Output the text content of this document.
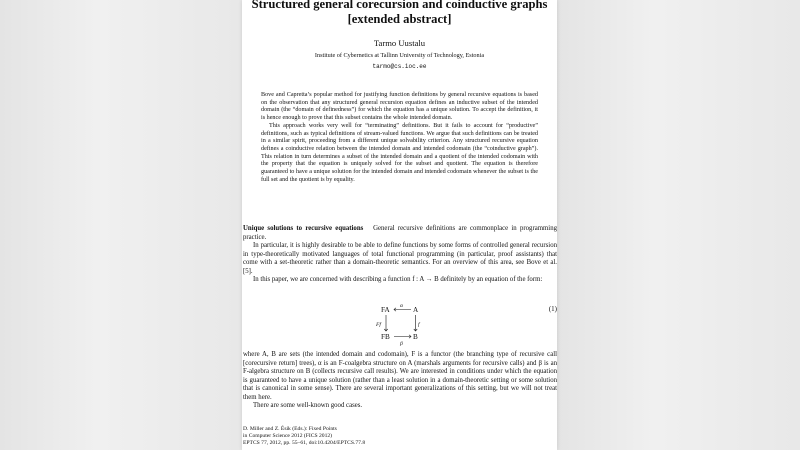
Structured general corecursion and coinductive graphs
[extended abstract]
Tarmo Uustalu
Institute of Cybernetics at Tallinn University of Technology, Estonia
tarmo@cs.ioc.ee

Bove and Capretta’s popular method for justifying function definitions by general recursive equations is based on the observation that any structured general recursion equation defines an inductive subset of the intended domain (the “domain of definedness”) for which the equation has a unique solution. To accept the definition, it is hence enough to prove that this subset contains the whole intended domain.

This approach works very well for “terminating” definitions. But it fails to account for “productive” definitions, such as typical definitions of stream-valued functions. We argue that such definitions can be treated in a similar spirit, proceeding from a different unique solvability criterion. Any structured recursive equation defines a coinductive relation between the intended domain and intended codomain (the “coinductive graph”). This relation in turn determines a subset of the intended domain and a quotient of the intended codomain with the property that the equation is uniquely solved for the subset and quotient. The equation is therefore guaranteed to have a unique solution for the intended domain and intended codomain whenever the subset is the full set and the quotient is by equality.

Unique solutions to recursive equations General recursive definitions are commonplace in programming practice.

In particular, it is highly desirable to be able to define functions by some forms of controlled general recursion in type-theoretically motivated languages of total functional programming (in particular, proof assistants) that come with a set-theoretic rather than a domain-theoretic semantics. For an overview of this area, see Bove et al. [5].

In this paper, we are concerned with describing a function f : A → B definitely by an equation of the form:

FA	A
FB	B
α
β
Ff	f
(1)

where A, B are sets (the intended domain and codomain), F is a functor (the branching type of recursive call [corecursive return] trees), α is an F-coalgebra structure on A (marshals arguments for recursive calls) and β is an F-algebra structure on B (collects recursive call results). We are interested in conditions under which the equation is guaranteed to have a unique solution (rather than a least solution in a domain-theoretic setting or some solution that is canonical in some sense). There are several important generalizations of this setting, but we will not treat them here.

There are some well-known good cases.

D. Miller and Z. Ésik (Eds.): Fixed Points
in Computer Science 2012 (FICS 2012)
EPTCS 77, 2012, pp. 55–61, doi:10.4204/EPTCS.77.8
